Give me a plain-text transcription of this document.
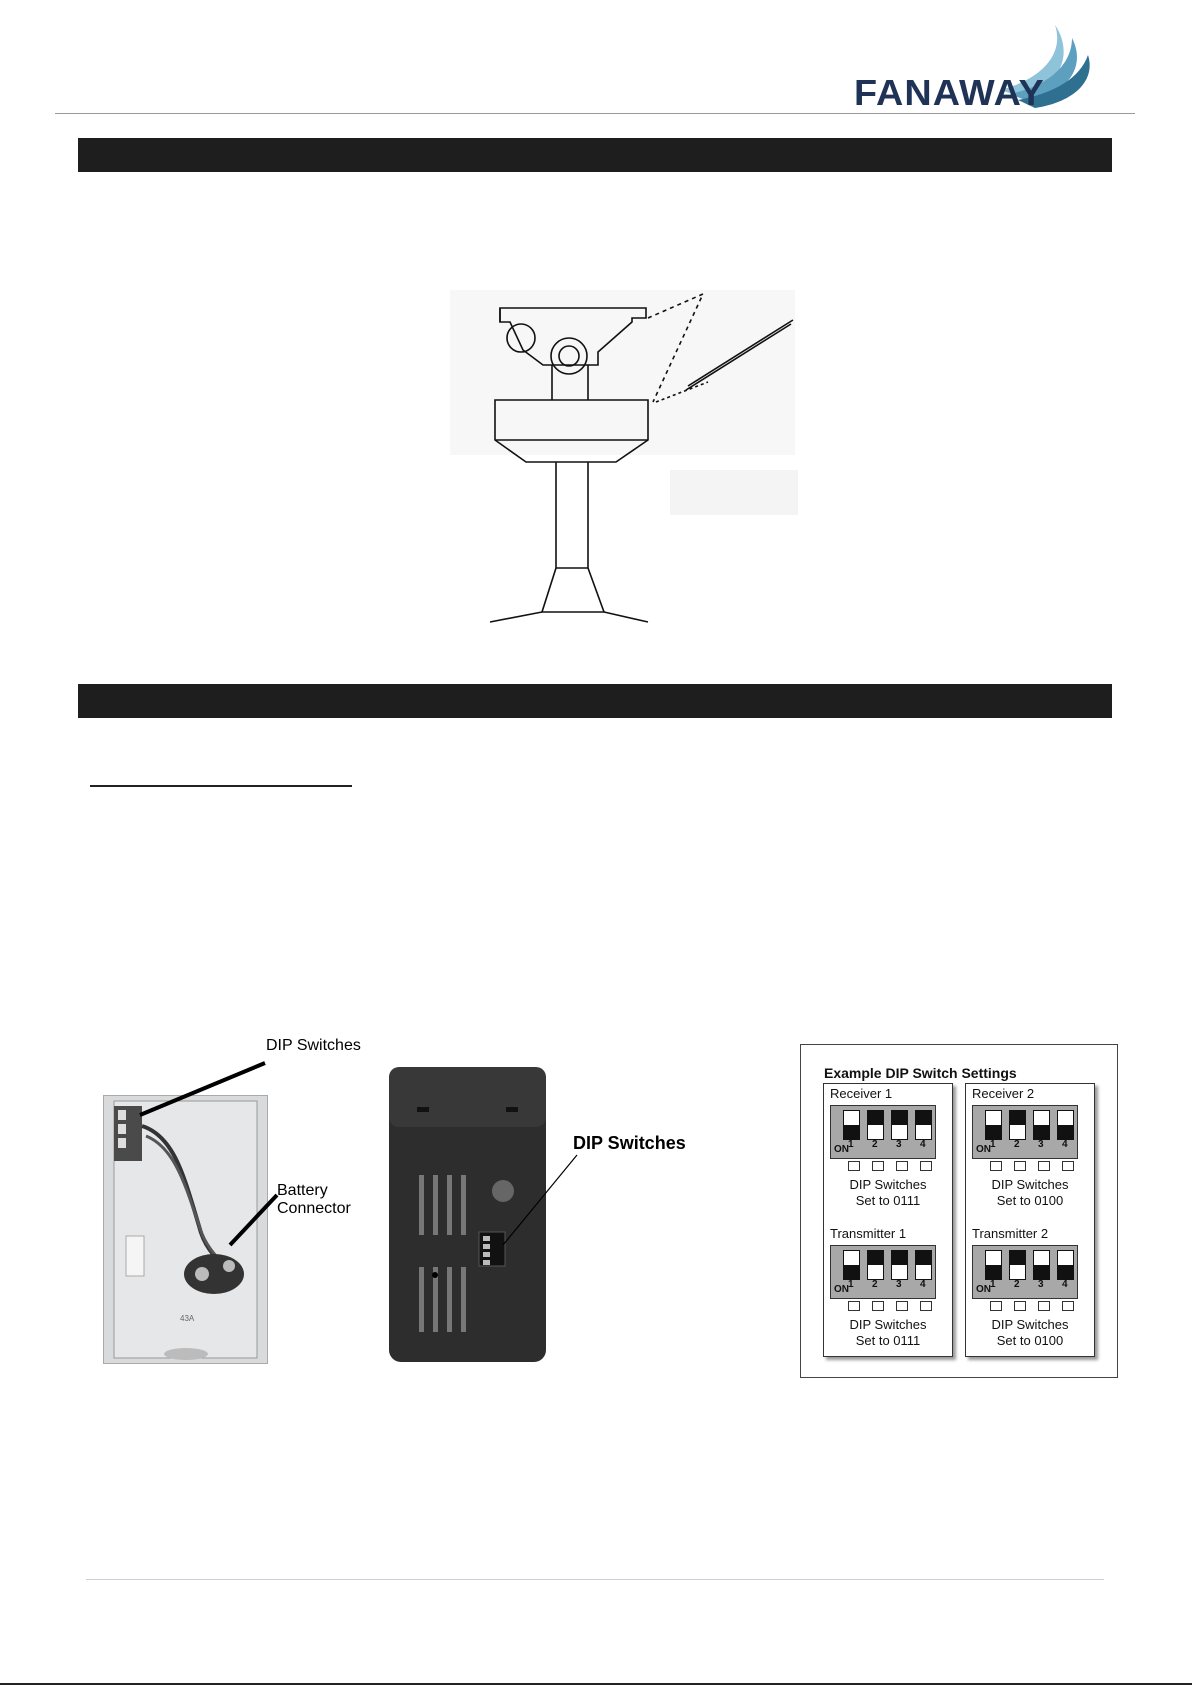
FANAWAY
43A
DIP Switches
Battery
Connector
DIP Switches
Example DIP Switch Settings
Receiver 1
1 2 3 4
ON
DIP Switches
Set to 0111
Transmitter 1
1 2 3 4
ON
DIP Switches
Set to 0111
Receiver 2
1 2 3 4
ON
DIP Switches
Set to 0100
Transmitter 2
1 2 3 4
ON
DIP Switches
Set to 0100
